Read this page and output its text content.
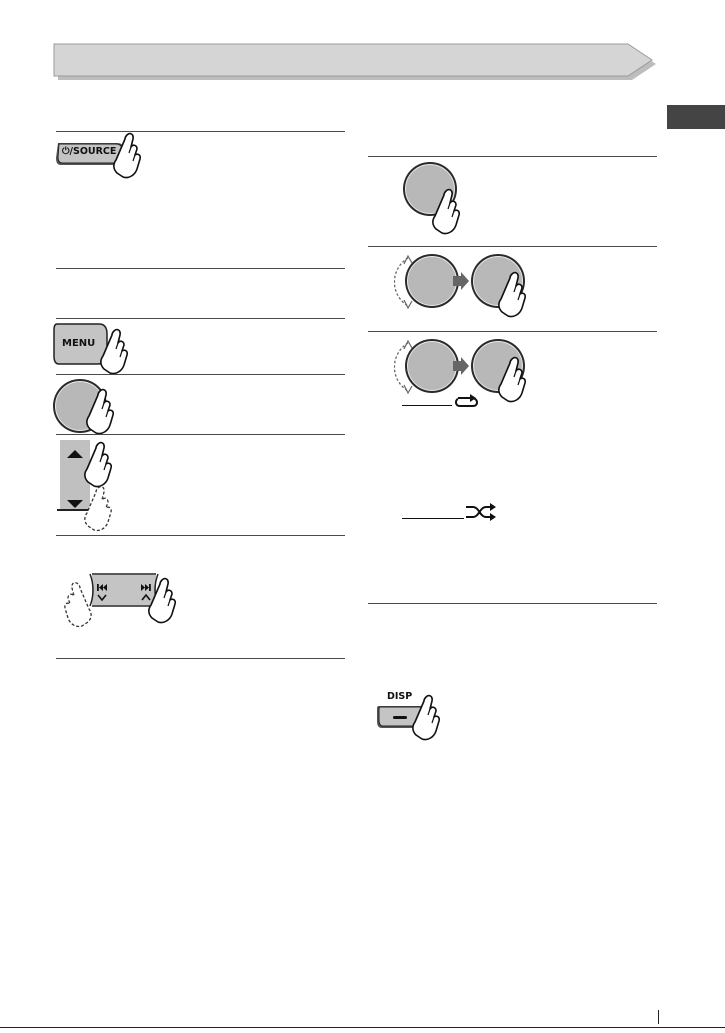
⏻/SOURCE
MENU
DISP
